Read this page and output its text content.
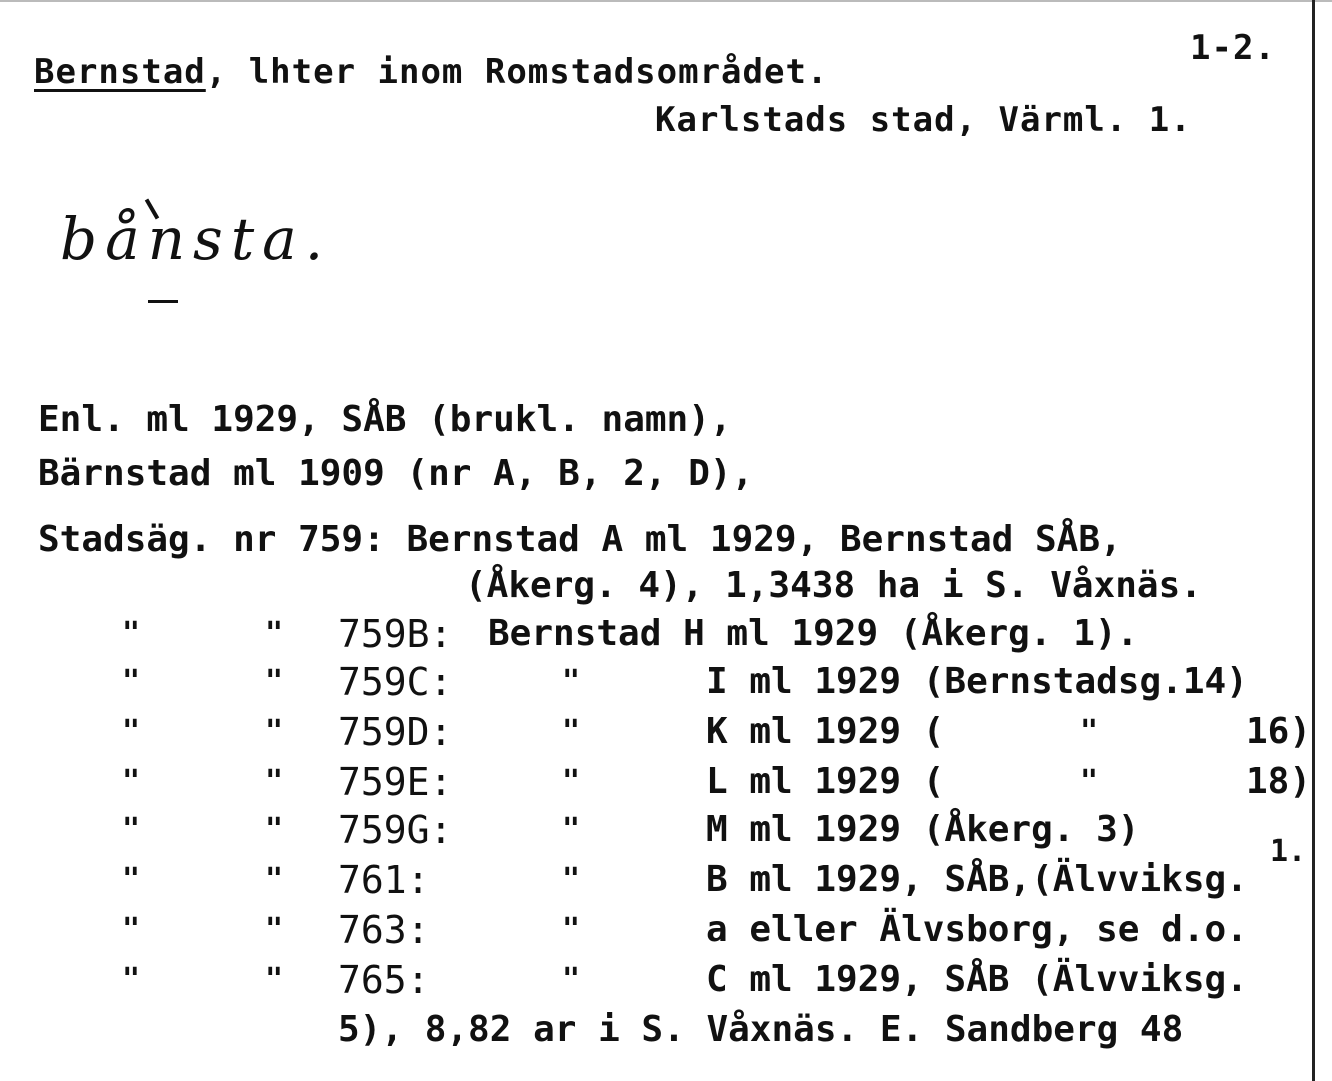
1-2.
Bernstad, lhter inom Romstadsområdet.
Karlstads stad, Värml. 1.
bånsta.
Enl. ml 1929, SÅB (brukl. namn),
Bärnstad ml 1909 (nr A, B, 2, D),
Stadsäg. nr 759: Bernstad A ml 1929, Bernstad SÅB,
(Åkerg. 4), 1,3438 ha i S. Våxnäs.
"	" 759B: Bernstad H ml 1929 (Åkerg. 1).
"	" 759C:	"	I ml 1929 (Bernstadsg.14)
"	" 759D:	"	K ml 1929 (	"	16)
"	" 759E:	"	L ml 1929 (	"	18)
"	" 759G:	"	M ml 1929 (Åkerg. 3)
1.
"	" 761:	"	B ml 1929, SÅB,(Älvviksg.
"	" 763:	"	a eller Älvsborg, se d.o.
"	" 765:	"	C ml 1929, SÅB (Älvviksg.
5), 8,82 ar i S. Våxnäs. E. Sandberg 48
